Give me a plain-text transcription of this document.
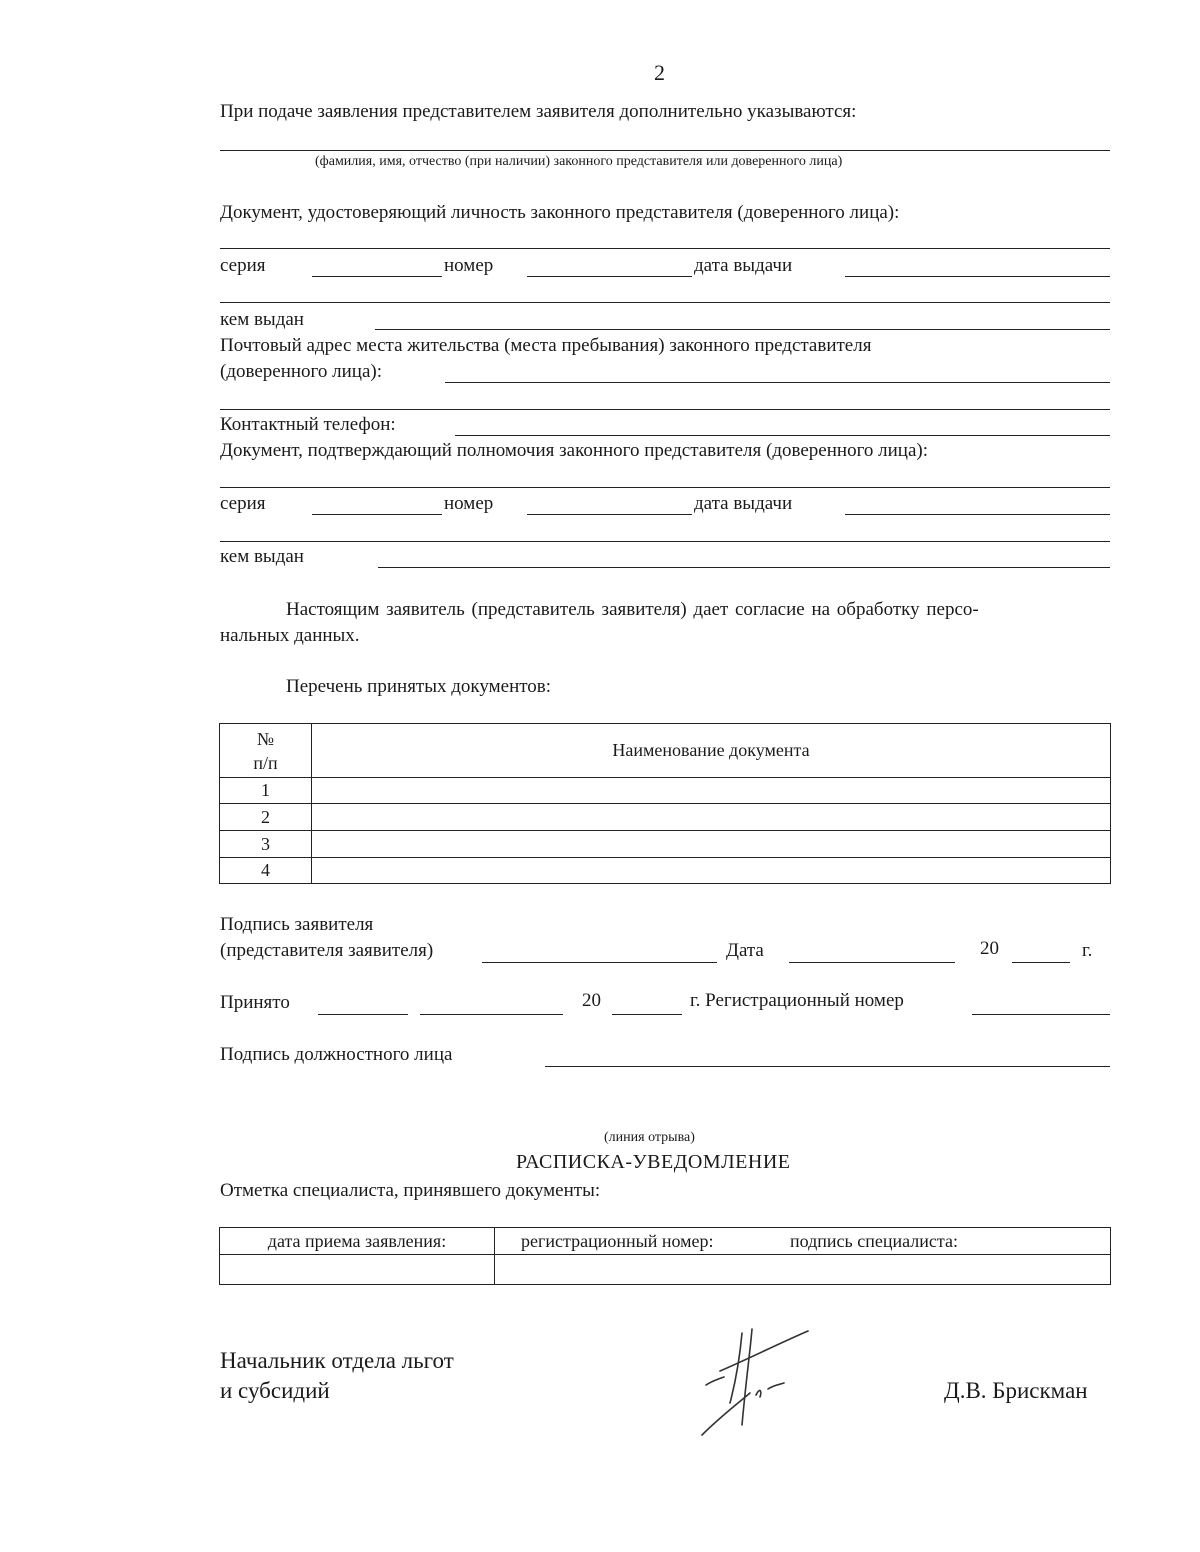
2
При подаче заявления представителем заявителя дополнительно указываются:
(фамилия, имя, отчество (при наличии) законного представителя или доверенного лица)
Документ, удостоверяющий личность законного представителя (доверенного лица):
серия	номер	дата выдачи
кем выдан
Почтовый адрес места жительства (места пребывания) законного представителя
(доверенного лица):
Контактный телефон:
Документ, подтверждающий полномочия законного представителя (доверенного лица):
серия	номер	дата выдачи
кем выдан
Настоящим заявитель (представитель заявителя) дает согласие на обработку персо-
нальных данных.
Перечень принятых документов:
№
п/п	Наименование документа
1	
2	
3	
4	
Подпись заявителя
(представителя заявителя)	Дата	20	г.
Принято	20	г. Регистрационный номер
Подпись должностного лица
(линия отрыва)
РАСПИСКА-УВЕДОМЛЕНИЕ
Отметка специалиста, принявшего документы:
дата приема заявления:	регистрационный номер:	подпись специалиста:

Начальник отдела льгот
и субсидий	Д.В. Брискман
